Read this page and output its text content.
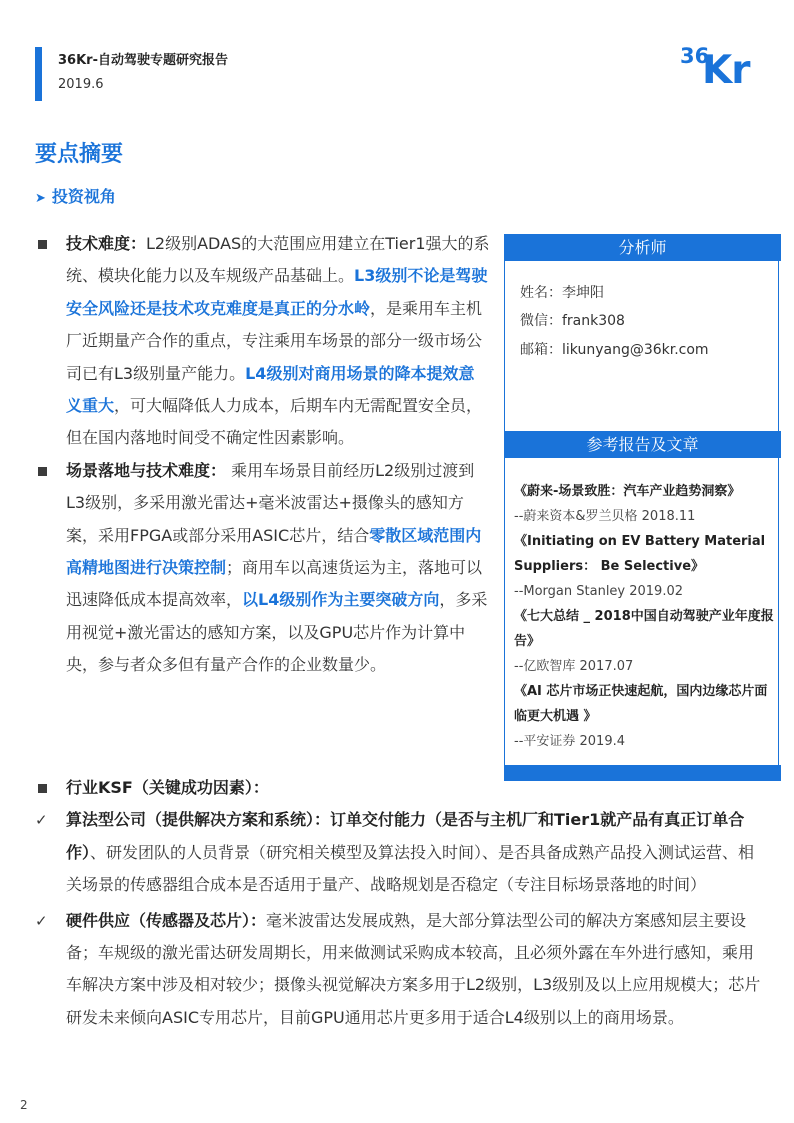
36Kr-自动驾驶专题研究报告
2019.6
36
Kr
要点摘要
➤ 投资视角

技术难度：L2级别ADAS的大范围应用建立在Tier1强大的系统、模块化能力以及车规级产品基础上。L3级别不论是驾驶安全风险还是技术攻克难度是真正的分水岭，是乘用车主机厂近期量产合作的重点，专注乘用车场景的部分一级市场公司已有L3级别量产能力。L4级别对商用场景的降本提效意义重大，可大幅降低人力成本，后期车内无需配置安全员，但在国内落地时间受不确定性因素影响。

场景落地与技术难度： 乘用车场景目前经历L2级别过渡到L3级别，多采用激光雷达+毫米波雷达+摄像头的感知方案，采用FPGA或部分采用ASIC芯片，结合零散区域范围内高精地图进行决策控制；商用车以高速货运为主，落地可以迅速降低成本提高效率，以L4级别作为主要突破方向，多采用视觉+激光雷达的感知方案，以及GPU芯片作为计算中央，参与者众多但有量产合作的企业数量少。

行业KSF（关键成功因素）：

✓ 算法型公司（提供解决方案和系统）：订单交付能力（是否与主机厂和Tier1就产品有真正订单合作）、研发团队的人员背景（研究相关模型及算法投入时间）、是否具备成熟产品投入测试运营、相关场景的传感器组合成本是否适用于量产、战略规划是否稳定（专注目标场景落地的时间）

✓ 硬件供应（传感器及芯片）：毫米波雷达发展成熟，是大部分算法型公司的解决方案感知层主要设备；车规级的激光雷达研发周期长，用来做测试采购成本较高，且必须外露在车外进行感知，乘用车解决方案中涉及相对较少；摄像头视觉解决方案多用于L2级别，L3级别及以上应用规模大；芯片研发未来倾向ASIC专用芯片，目前GPU通用芯片更多用于适合L4级别以上的商用场景。

分析师
姓名：李坤阳
微信：frank308
邮箱：likunyang@36kr.com
参考报告及文章
《蔚来-场景致胜：汽车产业趋势洞察》
--蔚来资本&罗兰贝格 2018.11
《Initiating on EV Battery Material Suppliers： Be Selective》
--Morgan Stanley 2019.02
《七大总结 _ 2018中国自动驾驶产业年度报告》
--亿欧智库 2017.07
《AI 芯片市场正快速起航，国内边缘芯片面临更大机遇 》
--平安证券 2019.4
2
